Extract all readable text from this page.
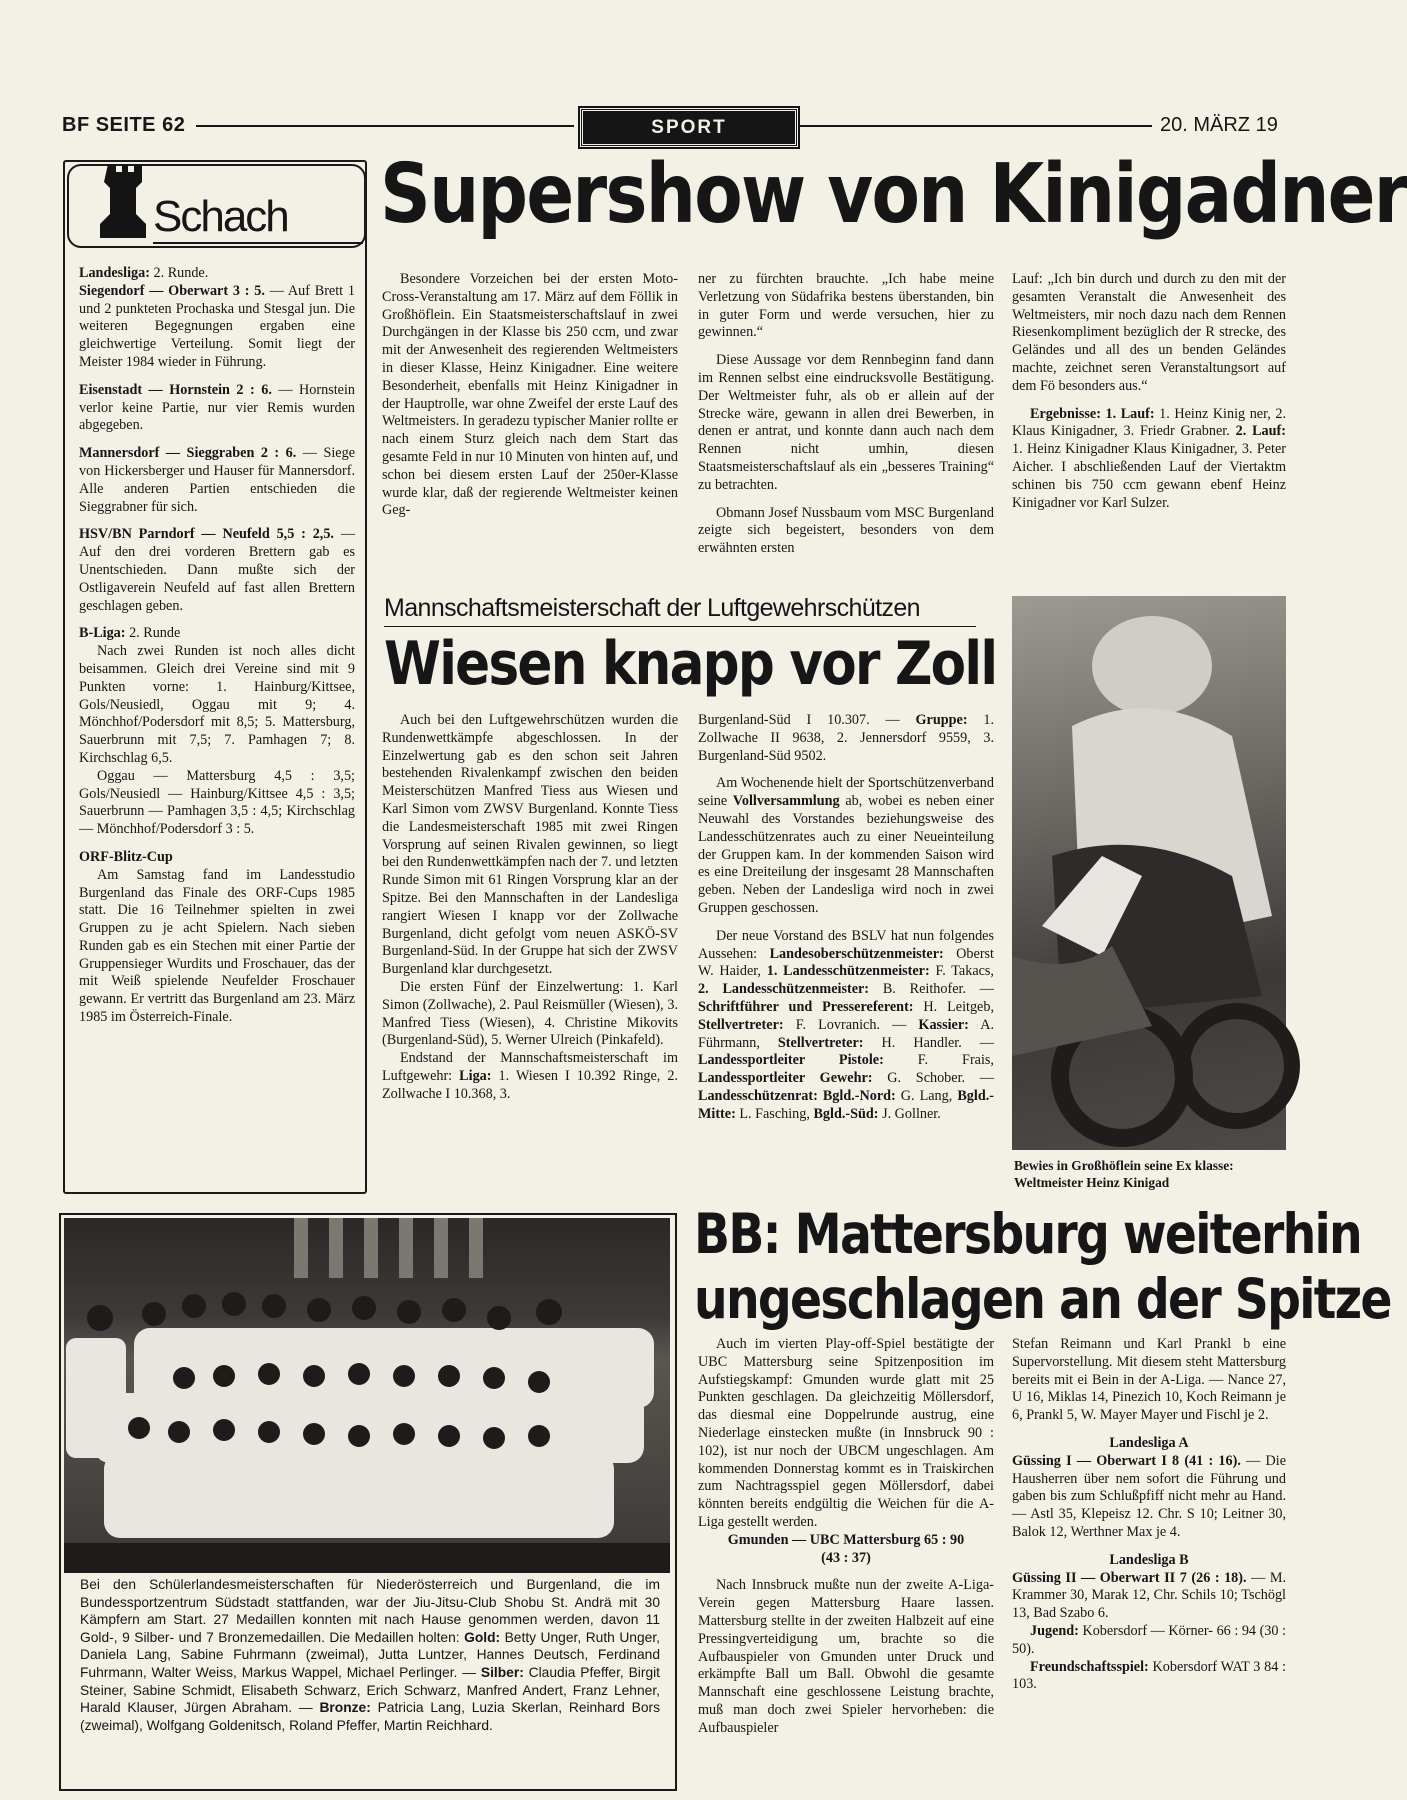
BF SEITE 62	SPORT	20. MÄRZ 19
Schach

Landesliga: 2. Runde.

Siegendorf — Oberwart 3 : 5. — Auf Brett 1 und 2 punkteten Prochaska und Stesgal jun. Die weiteren Begegnungen ergaben eine gleichwertige Verteilung. Somit liegt der Meister 1984 wieder in Führung.

Eisenstadt — Hornstein 2 : 6. — Hornstein verlor keine Partie, nur vier Remis wurden abgegeben.

Mannersdorf — Sieggraben 2 : 6. — Siege von Hickersberger und Hauser für Mannersdorf. Alle anderen Partien entschieden die Sieggrabner für sich.

HSV/BN Parndorf — Neufeld 5,5 : 2,5. — Auf den drei vorderen Brettern gab es Unentschieden. Dann mußte sich der Ostligaverein Neufeld auf fast allen Brettern geschlagen geben.

B-Liga: 2. Runde

Nach zwei Runden ist noch alles dicht beisammen. Gleich drei Vereine sind mit 9 Punkten vorne: 1. Hainburg/Kittsee, Gols/Neusiedl, Oggau mit 9; 4. Mönchhof/Podersdorf mit 8,5; 5. Mattersburg, Sauerbrunn mit 7,5; 7. Pamhagen 7; 8. Kirchschlag 6,5.

Oggau — Mattersburg 4,5 : 3,5; Gols/Neusiedl — Hainburg/Kittsee 4,5 : 3,5; Sauerbrunn — Pamhagen 3,5 : 4,5; Kirchschlag — Mönchhof/Podersdorf 3 : 5.

ORF-Blitz-Cup

Am Samstag fand im Landesstudio Burgenland das Finale des ORF-Cups 1985 statt. Die 16 Teilnehmer spielten in zwei Gruppen zu je acht Spielern. Nach sieben Runden gab es ein Stechen mit einer Partie der Gruppensieger Wurdits und Froschauer, das der mit Weiß spielende Neufelder Froschauer gewann. Er vertritt das Burgenland am 23. März 1985 im Österreich-Finale.

Supershow von Kinigadner

Besondere Vorzeichen bei der ersten Moto-Cross-Veranstaltung am 17. März auf dem Föllik in Großhöflein. Ein Staatsmeisterschaftslauf in zwei Durchgängen in der Klasse bis 250 ccm, und zwar mit der Anwesenheit des regierenden Weltmeisters in dieser Klasse, Heinz Kinigadner. Eine weitere Besonderheit, ebenfalls mit Heinz Kinigadner in der Hauptrolle, war ohne Zweifel der erste Lauf des Weltmeisters. In geradezu typischer Manier rollte er nach einem Sturz gleich nach dem Start das gesamte Feld in nur 10 Minuten von hinten auf, und schon bei diesem ersten Lauf der 250er-Klasse wurde klar, daß der regierende Weltmeister keinen Geg-

ner zu fürchten brauchte. „Ich habe meine Verletzung von Südafrika bestens überstanden, bin in guter Form und werde versuchen, hier zu gewinnen.“

Diese Aussage vor dem Rennbeginn fand dann im Rennen selbst eine eindrucksvolle Bestätigung. Der Weltmeister fuhr, als ob er allein auf der Strecke wäre, gewann in allen drei Bewerben, in denen er antrat, und konnte dann auch nach dem Rennen nicht umhin, diesen Staatsmeisterschaftslauf als ein „besseres Training“ zu betrachten.

Obmann Josef Nussbaum vom MSC Burgenland zeigte sich begeistert, besonders von dem erwähnten ersten

Lauf: „Ich bin durch und durch zu den mit der gesamten Veranstalt die Anwesenheit des Weltmeisters, mir noch dazu nach dem Rennen Riesenkompliment bezüglich der R strecke, des Geländes und all des un benden Geländes machte, zeichnet seren Veranstaltungsort auf dem Fö besonders aus.“

Ergebnisse: 1. Lauf: 1. Heinz Kinig ner, 2. Klaus Kinigadner, 3. Friedr Grabner. 2. Lauf: 1. Heinz Kinigadner Klaus Kinigadner, 3. Peter Aicher. I abschließenden Lauf der Viertaktm schinen bis 750 ccm gewann ebenf Heinz Kinigadner vor Karl Sulzer.

Bewies in Großhöflein seine Ex klasse: Weltmeister Heinz Kinigad
Mannschaftsmeisterschaft der Luftgewehrschützen
Wiesen knapp vor Zoll

Auch bei den Luftgewehrschützen wurden die Rundenwettkämpfe abgeschlossen. In der Einzelwertung gab es den schon seit Jahren bestehenden Rivalenkampf zwischen den beiden Meisterschützen Manfred Tiess aus Wiesen und Karl Simon vom ZWSV Burgenland. Konnte Tiess die Landesmeisterschaft 1985 mit zwei Ringen Vorsprung auf seinen Rivalen gewinnen, so liegt bei den Rundenwettkämpfen nach der 7. und letzten Runde Simon mit 61 Ringen Vorsprung klar an der Spitze. Bei den Mannschaften in der Landesliga rangiert Wiesen I knapp vor der Zollwache Burgenland, dicht gefolgt vom neuen ASKÖ-SV Burgenland-Süd. In der Gruppe hat sich der ZWSV Burgenland klar durchgesetzt.

Die ersten Fünf der Einzelwertung: 1. Karl Simon (Zollwache), 2. Paul Reismüller (Wiesen), 3. Manfred Tiess (Wiesen), 4. Christine Mikovits (Burgenland-Süd), 5. Werner Ulreich (Pinkafeld).

Endstand der Mannschaftsmeisterschaft im Luftgewehr: Liga: 1. Wiesen I 10.392 Ringe, 2. Zollwache I 10.368, 3.

Burgenland-Süd I 10.307. — Gruppe: 1. Zollwache II 9638, 2. Jennersdorf 9559, 3. Burgenland-Süd 9502.

Am Wochenende hielt der Sportschützenverband seine Vollversammlung ab, wobei es neben einer Neuwahl des Vorstandes beziehungsweise des Landesschützenrates auch zu einer Neueinteilung der Gruppen kam. In der kommenden Saison wird es eine Dreiteilung der insgesamt 28 Mannschaften geben. Neben der Landesliga wird noch in zwei Gruppen geschossen.

Der neue Vorstand des BSLV hat nun folgendes Aussehen: Landesoberschützenmeister: Oberst W. Haider, 1. Landesschützenmeister: F. Takacs, 2. Landesschützenmeister: B. Reithofer. — Schriftführer und Pressereferent: H. Leitgeb, Stellvertreter: F. Lovranich. — Kassier: A. Führmann, Stellvertreter: H. Handler. — Landessportleiter Pistole: F. Frais, Landessportleiter Gewehr: G. Schober. — Landesschützenrat: Bgld.-Nord: G. Lang, Bgld.-Mitte: L. Fasching, Bgld.-Süd: J. Gollner.

Bei den Schülerlandesmeisterschaften für Niederösterreich und Burgenland, die im Bundessportzentrum Südstadt stattfanden, war der Jiu-Jitsu-Club Shobu St. Andrä mit 30 Kämpfern am Start. 27 Medaillen konnten mit nach Hause genommen werden, davon 11 Gold-, 9 Silber- und 7 Bronzemedaillen. Die Medaillen holten: Gold: Betty Unger, Ruth Unger, Daniela Lang, Sabine Fuhrmann (zweimal), Jutta Luntzer, Hannes Deutsch, Ferdinand Fuhrmann, Walter Weiss, Markus Wappel, Michael Perlinger. — Silber: Claudia Pfeffer, Birgit Steiner, Sabine Schmidt, Elisabeth Schwarz, Erich Schwarz, Manfred Andert, Franz Lehner, Harald Klauser, Jürgen Abraham. — Bronze: Patricia Lang, Luzia Skerlan, Reinhard Bors (zweimal), Wolfgang Goldenitsch, Roland Pfeffer, Martin Reichhard.
BB: Mattersburg weiterhin
ungeschlagen an der Spitze

Auch im vierten Play-off-Spiel bestätigte der UBC Mattersburg seine Spitzenposition im Aufstiegskampf: Gmunden wurde glatt mit 25 Punkten geschlagen. Da gleichzeitig Möllersdorf, das diesmal eine Doppelrunde austrug, eine Niederlage einstecken mußte (in Innsbruck 90 : 102), ist nur noch der UBCM ungeschlagen. Am kommenden Donnerstag kommt es in Traiskirchen zum Nachtragsspiel gegen Möllersdorf, dabei könnten bereits endgültig die Weichen für die A-Liga gestellt werden.

Gmunden — UBC Mattersburg 65 : 90

(43 : 37)

Nach Innsbruck mußte nun der zweite A-Liga-Verein gegen Mattersburg Haare lassen. Mattersburg stellte in der zweiten Halbzeit auf eine Pressingverteidigung um, brachte so die Aufbauspieler von Gmunden unter Druck und erkämpfte Ball um Ball. Obwohl die gesamte Mannschaft eine geschlossene Leistung brachte, muß man doch zwei Spieler hervorheben: die Aufbauspieler

Stefan Reimann und Karl Prankl b eine Supervorstellung. Mit diesem steht Mattersburg bereits mit ei Bein in der A-Liga. — Nance 27, U 16, Miklas 14, Pinezich 10, Koch Reimann je 6, Prankl 5, W. Mayer Mayer und Fischl je 2.

Landesliga A

Güssing I — Oberwart I 8 (41 : 16). — Die Hausherren über nem sofort die Führung und gaben bis zum Schlußpfiff nicht mehr au Hand. — Astl 35, Klepeisz 12. Chr. S 10; Leitner 30, Balok 12, Werthner Max je 4.

Landesliga B

Güssing II — Oberwart II 7 (26 : 18). — M. Krammer 30, Marak 12, Chr. Schils 10; Tschögl 13, Bad Szabo 6.

Jugend: Kobersdorf — Körner- 66 : 94 (30 : 50).

Freundschaftsspiel: Kobersdorf WAT 3 84 : 103.
